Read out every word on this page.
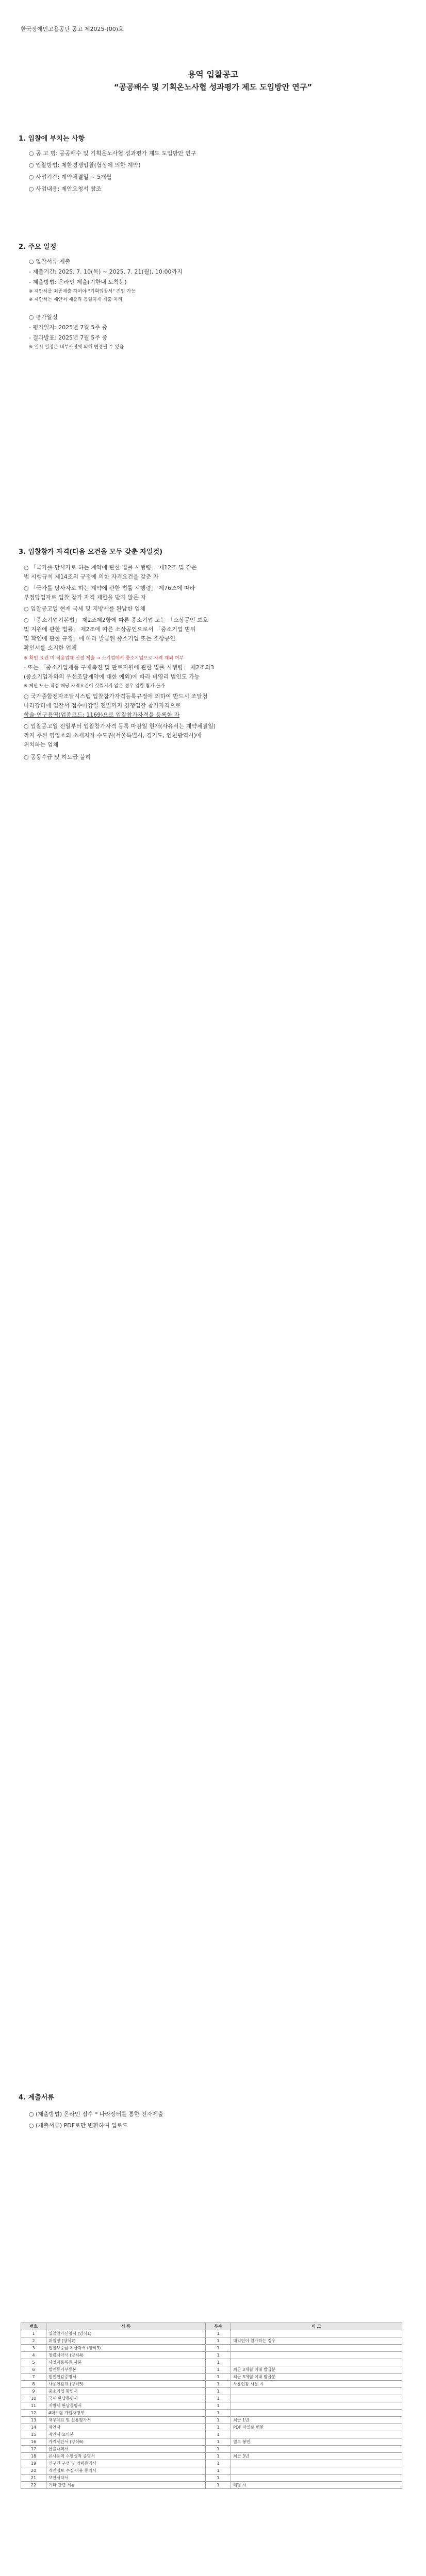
한국장애인고용공단 공고 제2025-(00)호
용역 입찰공고
“공공배수 및 기획온노사협 성과평가 제도 도입방안 연구”
1. 입찰에 부치는 사항
○ 공 고 명: 공공배수 및 기획온노사협 성과평가 제도 도입방안 연구
○ 입찰방법: 제한경쟁입찰(협상에 의한 계약)
○ 사업기간: 계약체결일 ~ 5개월
○ 사업내용: 제안요청서 참조
2. 주요 일정
○ 입찰서류 제출
- 제출기간: 2025. 7. 10(목) ~ 2025. 7. 21(월), 10:00까지
- 제출방법: 온라인 제출(기한내 도착분)
※ 제안서를 최종제출 하여야 "기획입찰서" 진입 가능
※ 제안서는 제안서 제출과 동일하게 제출 처리
○ 평가일정
- 평가일자: 2025년 7월 5주 중
- 결과발표: 2025년 7월 5주 중
※ 일시 일정은 내부사정에 의해 변경될 수 있음
3. 입찰참가 자격(다음 요건을 모두 갖춘 자일것)
○ 「국가를 당사자로 하는 계약에 관한 법률 시행령」 제12조 및 같은
법 시행규칙 제14조의 규정에 의한 자격요건을 갖춘 자
○ 「국가를 당사자로 하는 계약에 관한 법률 시행령」 제76조에 따라
부정당업자로 입찰 참가 자격 제한을 받지 않은 자
○ 입찰공고일 현재 국세 및 지방세를 완납한 업체
○ 「중소기업기본법」 제2조제2항에 따른 중소기업 또는 「소상공인 보호
및 지원에 관한 법률」 제2조에 따른 소상공인으로서 「중소기업 범위
및 확인에 관한 규정」에 따라 발급된 중소기업 또는 소상공인
확인서를 소지한 업체
※ 확인 요건 미 적용업체 선정 제출 → 소기업에서 중소기업으로 자격 제외 여부
- 또는 「중소기업제품 구매촉진 및 판로지원에 관한 법률 시행령」 제2조의3
(중소기업자와의 우선조달계약에 대한 예외)에 따라 비영리 법인도 가능
※ 제안 또는 직접 해당 자격요건이 갖춰지지 않은 경우 입찰 참가 불가
○ 국가종합전자조달시스템 입찰참가자격등록규정에 의하여 반드시 조달청
나라장터에 입찰서 접수마감일 전일까지 경쟁입찰 참가자격으로
학술·연구용역(업종코드: 1169)으로 입찰참가자격을 등록한 자
○ 입찰공고일 전일부터 입찰참가자격 등록 마감일 현재(사유서는 계약체결일)
까지 주된 영업소의 소재지가 수도권(서울특별시, 경기도, 인천광역시)에
위치하는 업체
○ 공동수급 및 하도급 불허
4. 제출서류
○ (제출방법) 온라인 접수 * 나라장터를 통한 전자제출
○ (제출서류) PDF로만 변환하여 업로드
번호	서 류	부수	비 고
1	입찰참가신청서 (양식1)	1	
2	위임장 (양식2)	1	대리인이 참가하는 경우
3	입찰보증금 지급각서 (양식3)	1	
4	청렴서약서 (양식4)	1	
5	사업자등록증 사본	1	
6	법인등기부등본	1	최근 3개월 이내 발급분
7	법인인감증명서	1	최근 3개월 이내 발급분
8	사용인감계 (양식5)	1	사용인감 사용 시
9	중소기업 확인서	1	
10	국세 완납증명서	1	
11	지방세 완납증명서	1	
12	4대보험 가입자명부	1	
13	재무제표 및 신용평가서	1	최근 1년
14	제안서	1	PDF 파일로 변환
15	제안서 요약본	1	
16	가격제안서 (양식6)	1	별도 봉인
17	산출내역서	1	
18	유사용역 수행실적 증명서	1	최근 3년
19	연구진 구성 및 경력증명서	1	
20	개인정보 수집·이용 동의서	1	
21	보안서약서	1	
22	기타 관련 서류	1	해당 시
